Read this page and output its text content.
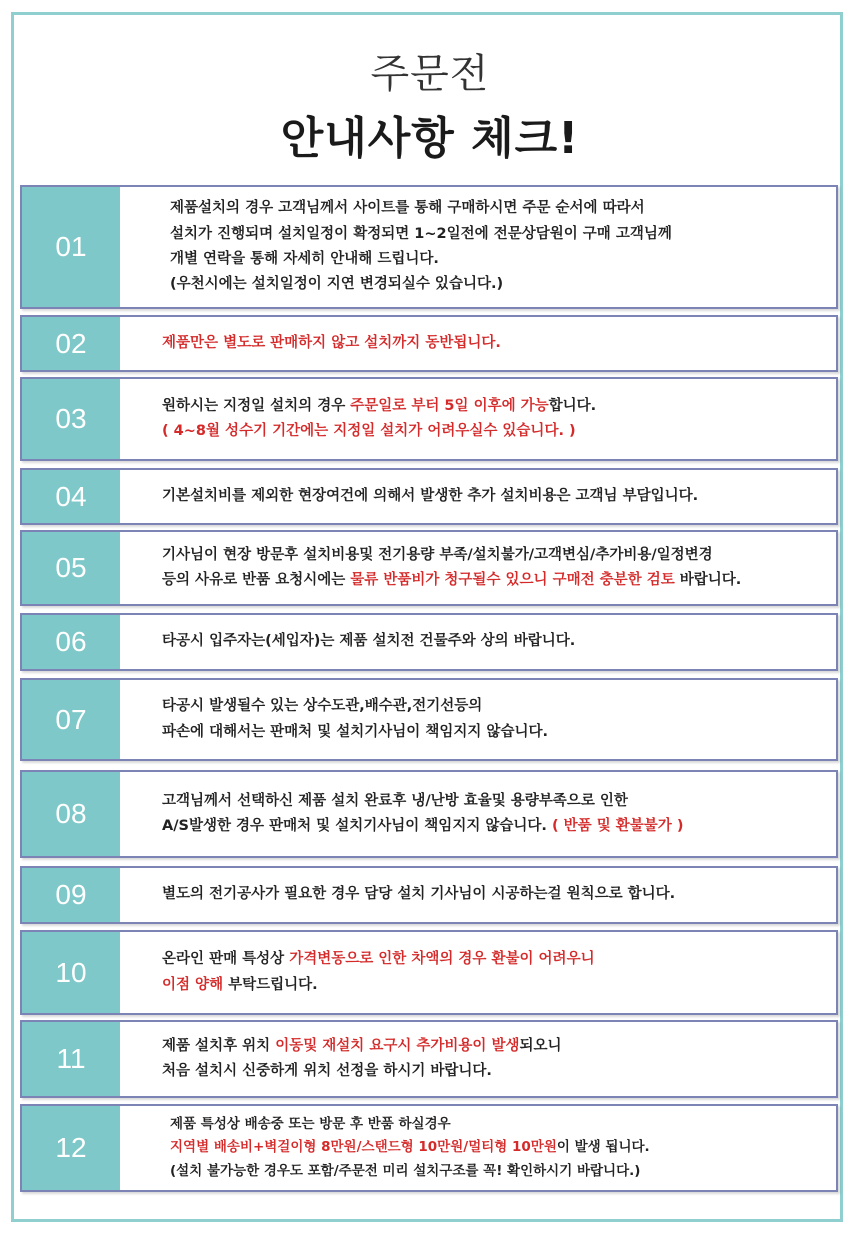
주문전
안내사항 체크!
01
제품설치의 경우 고객님께서 사이트를 통해 구매하시면 주문 순서에 따라서
설치가 진행되며 설치일정이 확정되면 1~2일전에 전문상담원이 구매 고객님께
개별 연락을 통해 자세히 안내해 드립니다.
(우천시에는 설치일정이 지연 변경되실수 있습니다.)
02	제품만은 별도로 판매하지 않고 설치까지 동반됩니다.
03	원하시는 지정일 설치의 경우 주문일로 부터 5일 이후에 가능합니다.
( 4~8월 성수기 기간에는 지정일 설치가 어려우실수 있습니다. )
04	기본설치비를 제외한 현장여건에 의해서 발생한 추가 설치비용은 고객님 부담입니다.
05	기사님이 현장 방문후 설치비용및 전기용량 부족/설치불가/고객변심/추가비용/일정변경
등의 사유로 반품 요청시에는 물류 반품비가 청구될수 있으니 구매전 충분한 검토 바랍니다.
06	타공시 입주자는(세입자)는 제품 설치전 건물주와 상의 바랍니다.
07	타공시 발생될수 있는 상수도관,배수관,전기선등의
파손에 대해서는 판매처 및 설치기사님이 책임지지 않습니다.
08	고객님께서 선택하신 제품 설치 완료후 냉/난방 효율및 용량부족으로 인한
A/S발생한 경우 판매처 및 설치기사님이 책임지지 않습니다. ( 반품 및 환불불가 )
09	별도의 전기공사가 필요한 경우 담당 설치 기사님이 시공하는걸 원칙으로 합니다.
10	온라인 판매 특성상 가격변동으로 인한 차액의 경우 환불이 어려우니
이점 양해 부탁드립니다.
11	제품 설치후 위치 이동및 재설치 요구시 추가비용이 발생되오니
처음 설치시 신중하게 위치 선정을 하시기 바랍니다.
12
제품 특성상 배송중 또는 방문 후 반품 하실경우
지역별 배송비+벽걸이형 8만원/스탠드형 10만원/멀티형 10만원이 발생 됩니다.
(설치 불가능한 경우도 포함/주문전 미리 설치구조를 꼭! 확인하시기 바랍니다.)
